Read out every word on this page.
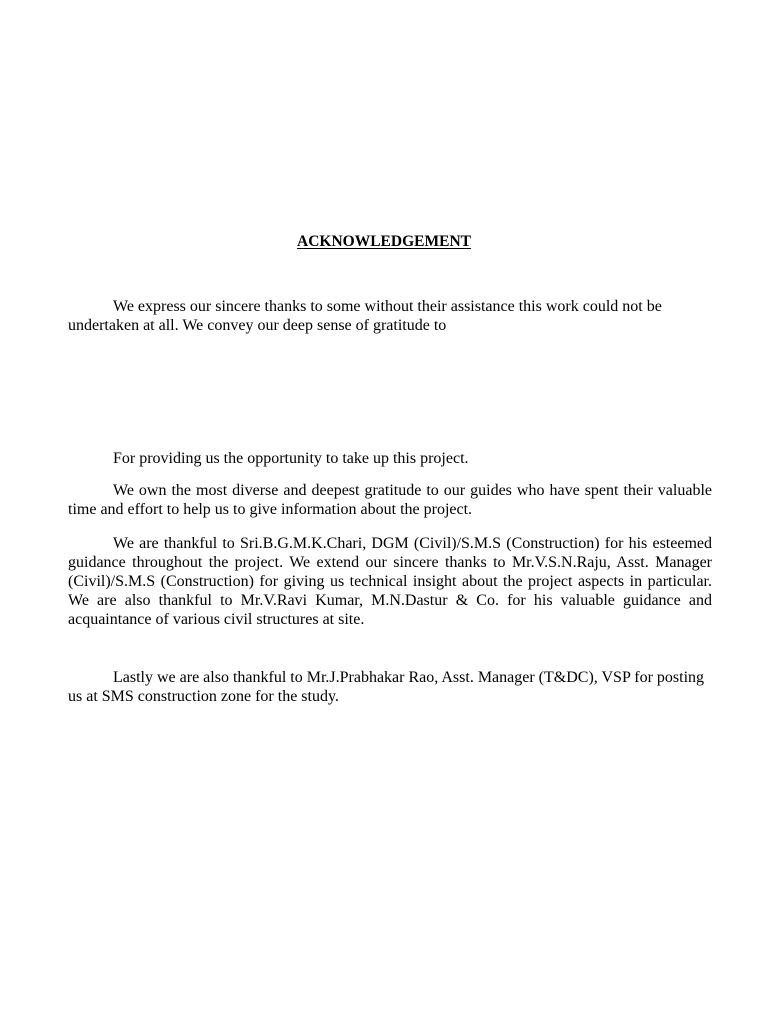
ACKNOWLEDGEMENT

We express our sincere thanks to some without their assistance this work could not be undertaken at all. We convey our deep sense of gratitude to

For providing us the opportunity to take up this project.

We own the most diverse and deepest gratitude to our guides who have spent their valuable time and effort to help us to give information about the project.

We are thankful to Sri.B.G.M.K.Chari, DGM (Civil)/S.M.S (Construction) for his esteemed guidance throughout the project. We extend our sincere thanks to Mr.V.S.N.Raju, Asst. Manager (Civil)/S.M.S (Construction) for giving us technical insight about the project aspects in particular. We are also thankful to Mr.V.Ravi Kumar, M.N.Dastur & Co. for his valuable guidance and acquaintance of various civil structures at site.

Lastly we are also thankful to Mr.J.Prabhakar Rao, Asst. Manager (T&DC), VSP for posting us at SMS construction zone for the study.
